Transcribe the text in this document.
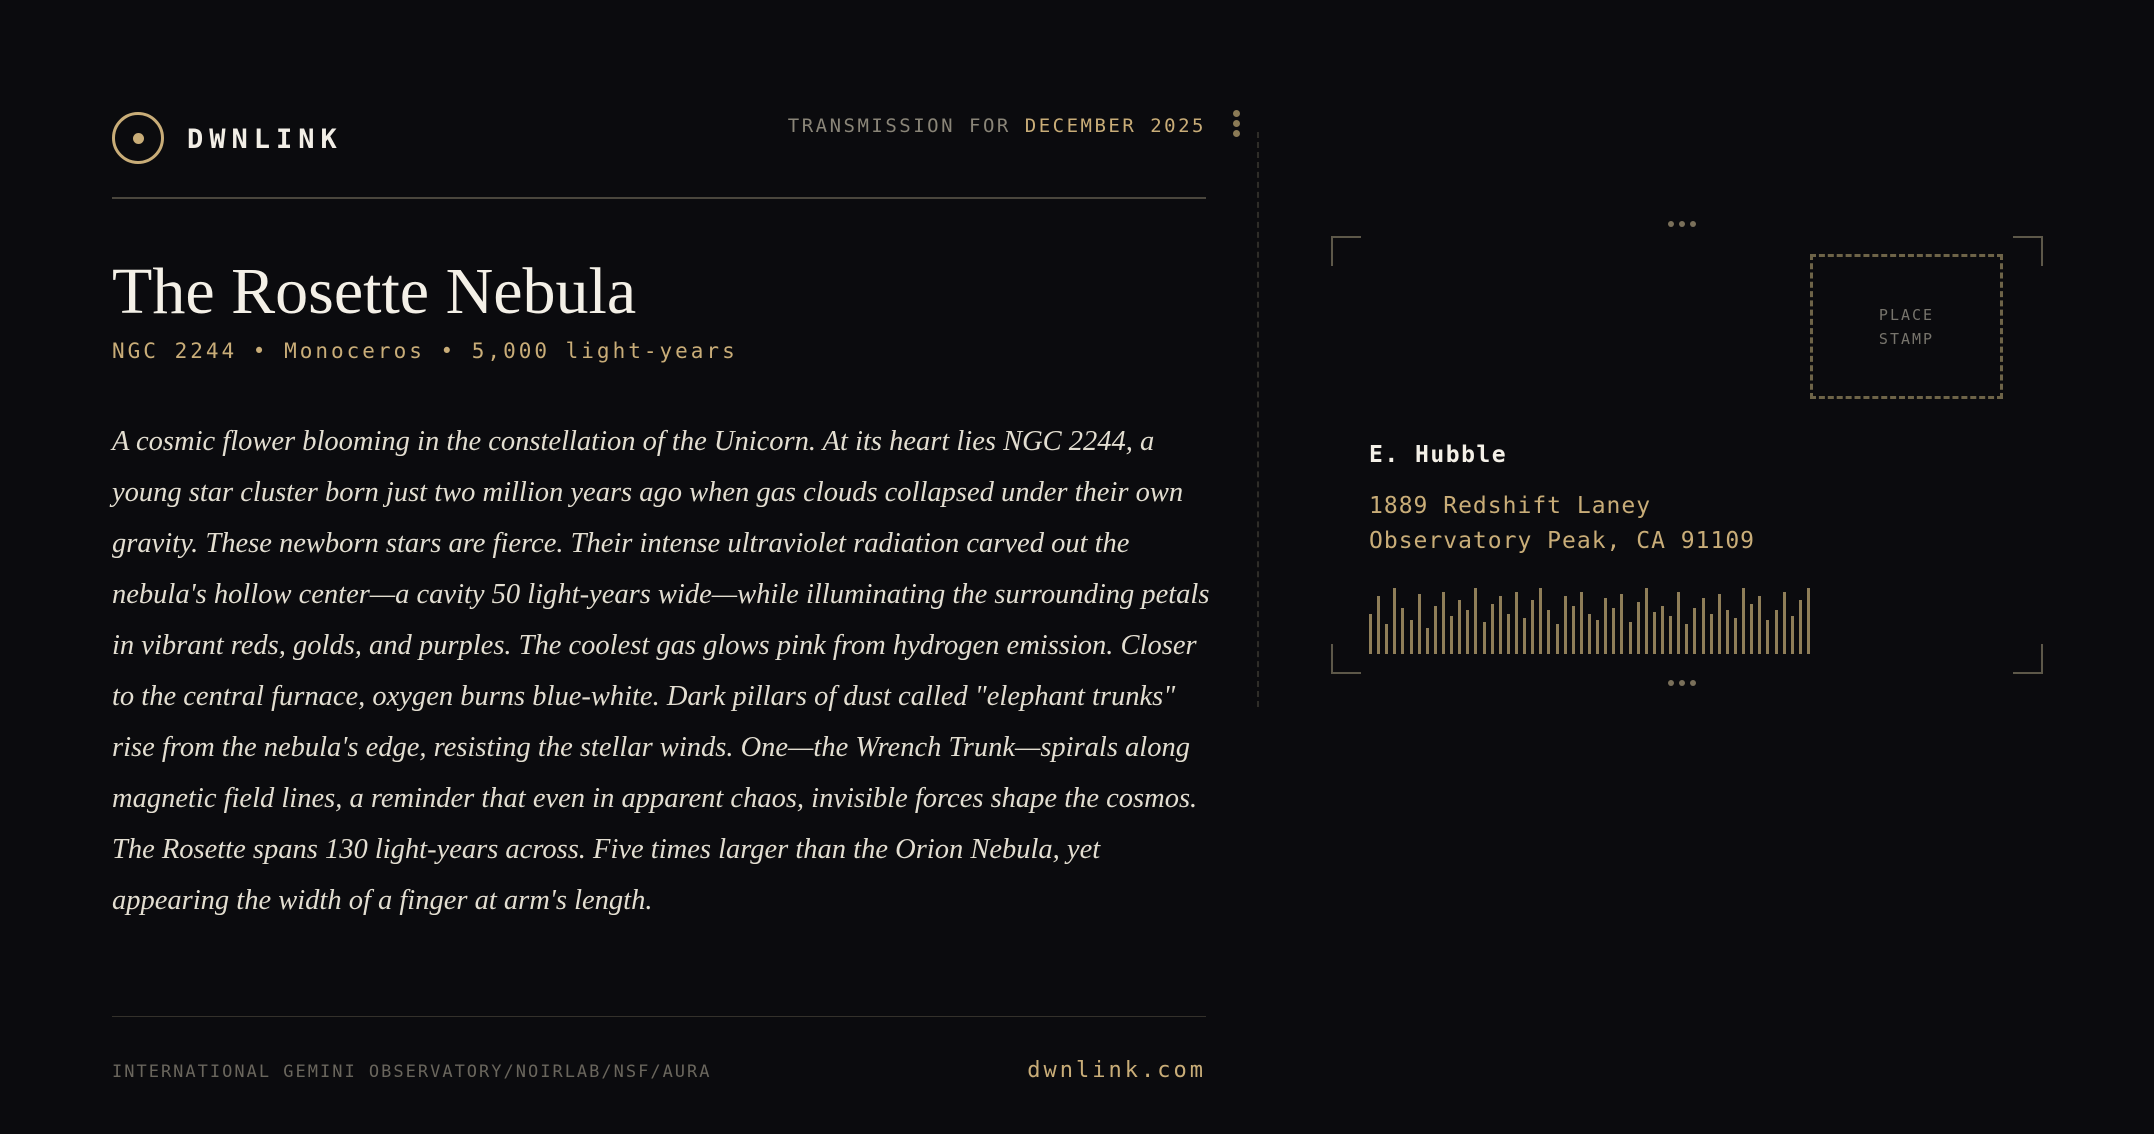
DWNLINK	TRANSMISSION FOR DECEMBER 2025
The Rosette Nebula
NGC 2244 • Monoceros • 5,000 light-years

A cosmic flower blooming in the constellation of the Unicorn. At its heart lies NGC 2244, a young star cluster born just two million years ago when gas clouds collapsed under their own gravity. These newborn stars are fierce. Their intense ultraviolet radiation carved out the nebula's hollow center—a cavity 50 light-years wide—while illuminating the surrounding petals in vibrant reds, golds, and purples. The coolest gas glows pink from hydrogen emission. Closer to the central furnace, oxygen burns blue-white. Dark pillars of dust called "elephant trunks" rise from the nebula's edge, resisting the stellar winds. One—the Wrench Trunk—spirals along magnetic field lines, a reminder that even in apparent chaos, invisible forces shape the cosmos. The Rosette spans 130 light-years across. Five times larger than the Orion Nebula, yet appearing the width of a finger at arm's length.

INTERNATIONAL GEMINI OBSERVATORY/NOIRLAB/NSF/AURA	dwnlink.com
PLACE
STAMP
E. Hubble
1889 Redshift Laney
Observatory Peak, CA 91109
